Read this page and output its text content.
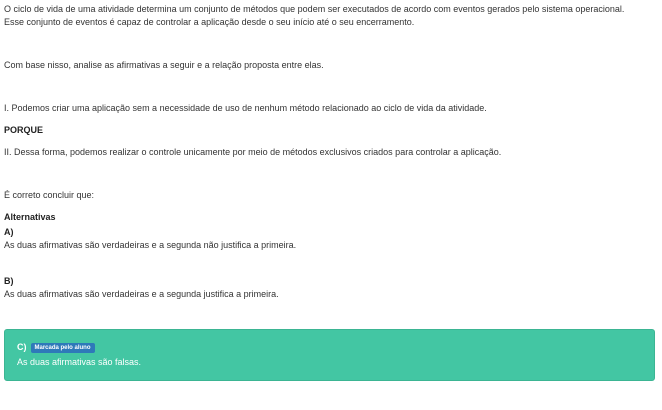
O ciclo de vida de uma atividade determina um conjunto de métodos que podem ser executados de acordo com eventos gerados pelo sistema operacional. Esse conjunto de eventos é capaz de controlar a aplicação desde o seu início até o seu encerramento.

Com base nisso, analise as afirmativas a seguir e a relação proposta entre elas.

I. Podemos criar uma aplicação sem a necessidade de uso de nenhum método relacionado ao ciclo de vida da atividade.

PORQUE

II. Dessa forma, podemos realizar o controle unicamente por meio de métodos exclusivos criados para controlar a aplicação.

É correto concluir que:

Alternativas

A)

As duas afirmativas são verdadeiras e a segunda não justifica a primeira.

B)

As duas afirmativas são verdadeiras e a segunda justifica a primeira.

C)	Marcada pelo aluno

As duas afirmativas são falsas.
